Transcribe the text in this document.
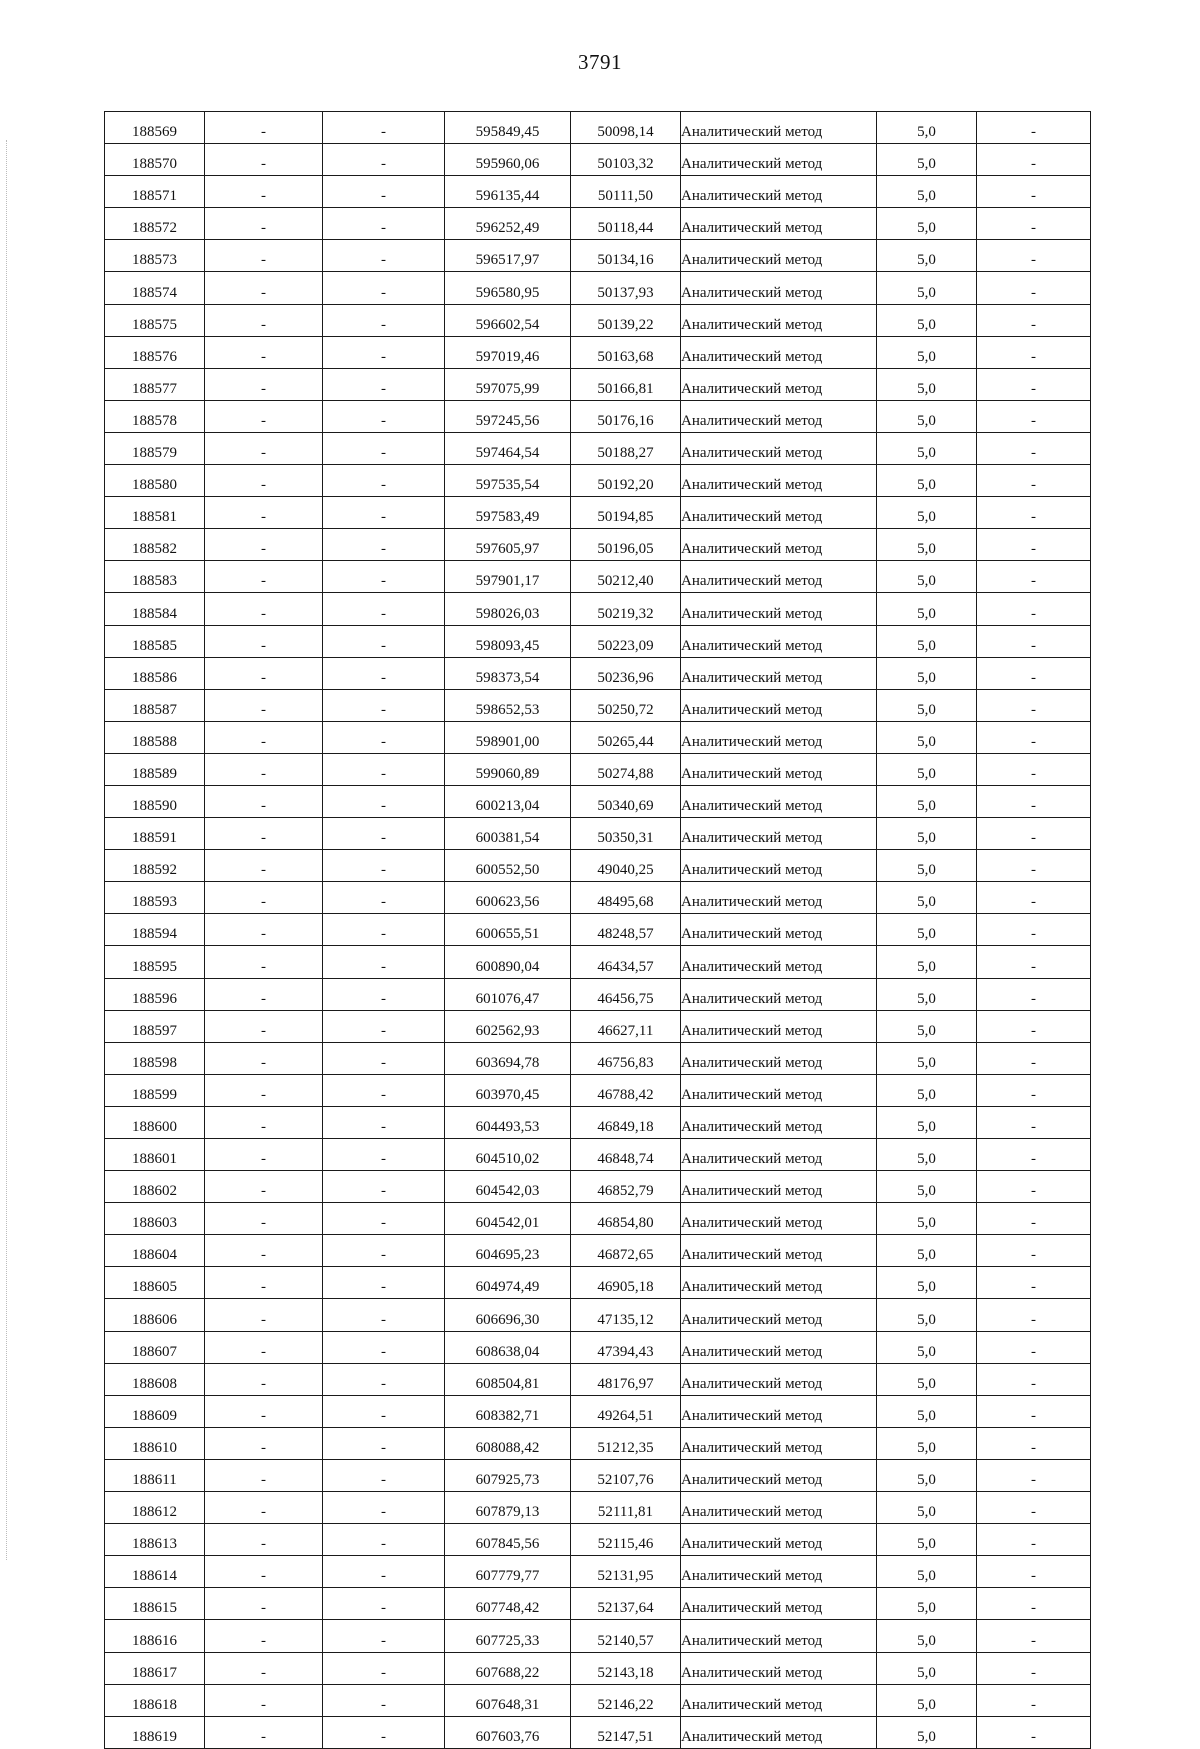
3791
188569	-	-	595849,45	50098,14	Аналитический метод	5,0	-
188570	-	-	595960,06	50103,32	Аналитический метод	5,0	-
188571	-	-	596135,44	50111,50	Аналитический метод	5,0	-
188572	-	-	596252,49	50118,44	Аналитический метод	5,0	-
188573	-	-	596517,97	50134,16	Аналитический метод	5,0	-
188574	-	-	596580,95	50137,93	Аналитический метод	5,0	-
188575	-	-	596602,54	50139,22	Аналитический метод	5,0	-
188576	-	-	597019,46	50163,68	Аналитический метод	5,0	-
188577	-	-	597075,99	50166,81	Аналитический метод	5,0	-
188578	-	-	597245,56	50176,16	Аналитический метод	5,0	-
188579	-	-	597464,54	50188,27	Аналитический метод	5,0	-
188580	-	-	597535,54	50192,20	Аналитический метод	5,0	-
188581	-	-	597583,49	50194,85	Аналитический метод	5,0	-
188582	-	-	597605,97	50196,05	Аналитический метод	5,0	-
188583	-	-	597901,17	50212,40	Аналитический метод	5,0	-
188584	-	-	598026,03	50219,32	Аналитический метод	5,0	-
188585	-	-	598093,45	50223,09	Аналитический метод	5,0	-
188586	-	-	598373,54	50236,96	Аналитический метод	5,0	-
188587	-	-	598652,53	50250,72	Аналитический метод	5,0	-
188588	-	-	598901,00	50265,44	Аналитический метод	5,0	-
188589	-	-	599060,89	50274,88	Аналитический метод	5,0	-
188590	-	-	600213,04	50340,69	Аналитический метод	5,0	-
188591	-	-	600381,54	50350,31	Аналитический метод	5,0	-
188592	-	-	600552,50	49040,25	Аналитический метод	5,0	-
188593	-	-	600623,56	48495,68	Аналитический метод	5,0	-
188594	-	-	600655,51	48248,57	Аналитический метод	5,0	-
188595	-	-	600890,04	46434,57	Аналитический метод	5,0	-
188596	-	-	601076,47	46456,75	Аналитический метод	5,0	-
188597	-	-	602562,93	46627,11	Аналитический метод	5,0	-
188598	-	-	603694,78	46756,83	Аналитический метод	5,0	-
188599	-	-	603970,45	46788,42	Аналитический метод	5,0	-
188600	-	-	604493,53	46849,18	Аналитический метод	5,0	-
188601	-	-	604510,02	46848,74	Аналитический метод	5,0	-
188602	-	-	604542,03	46852,79	Аналитический метод	5,0	-
188603	-	-	604542,01	46854,80	Аналитический метод	5,0	-
188604	-	-	604695,23	46872,65	Аналитический метод	5,0	-
188605	-	-	604974,49	46905,18	Аналитический метод	5,0	-
188606	-	-	606696,30	47135,12	Аналитический метод	5,0	-
188607	-	-	608638,04	47394,43	Аналитический метод	5,0	-
188608	-	-	608504,81	48176,97	Аналитический метод	5,0	-
188609	-	-	608382,71	49264,51	Аналитический метод	5,0	-
188610	-	-	608088,42	51212,35	Аналитический метод	5,0	-
188611	-	-	607925,73	52107,76	Аналитический метод	5,0	-
188612	-	-	607879,13	52111,81	Аналитический метод	5,0	-
188613	-	-	607845,56	52115,46	Аналитический метод	5,0	-
188614	-	-	607779,77	52131,95	Аналитический метод	5,0	-
188615	-	-	607748,42	52137,64	Аналитический метод	5,0	-
188616	-	-	607725,33	52140,57	Аналитический метод	5,0	-
188617	-	-	607688,22	52143,18	Аналитический метод	5,0	-
188618	-	-	607648,31	52146,22	Аналитический метод	5,0	-
188619	-	-	607603,76	52147,51	Аналитический метод	5,0	-
